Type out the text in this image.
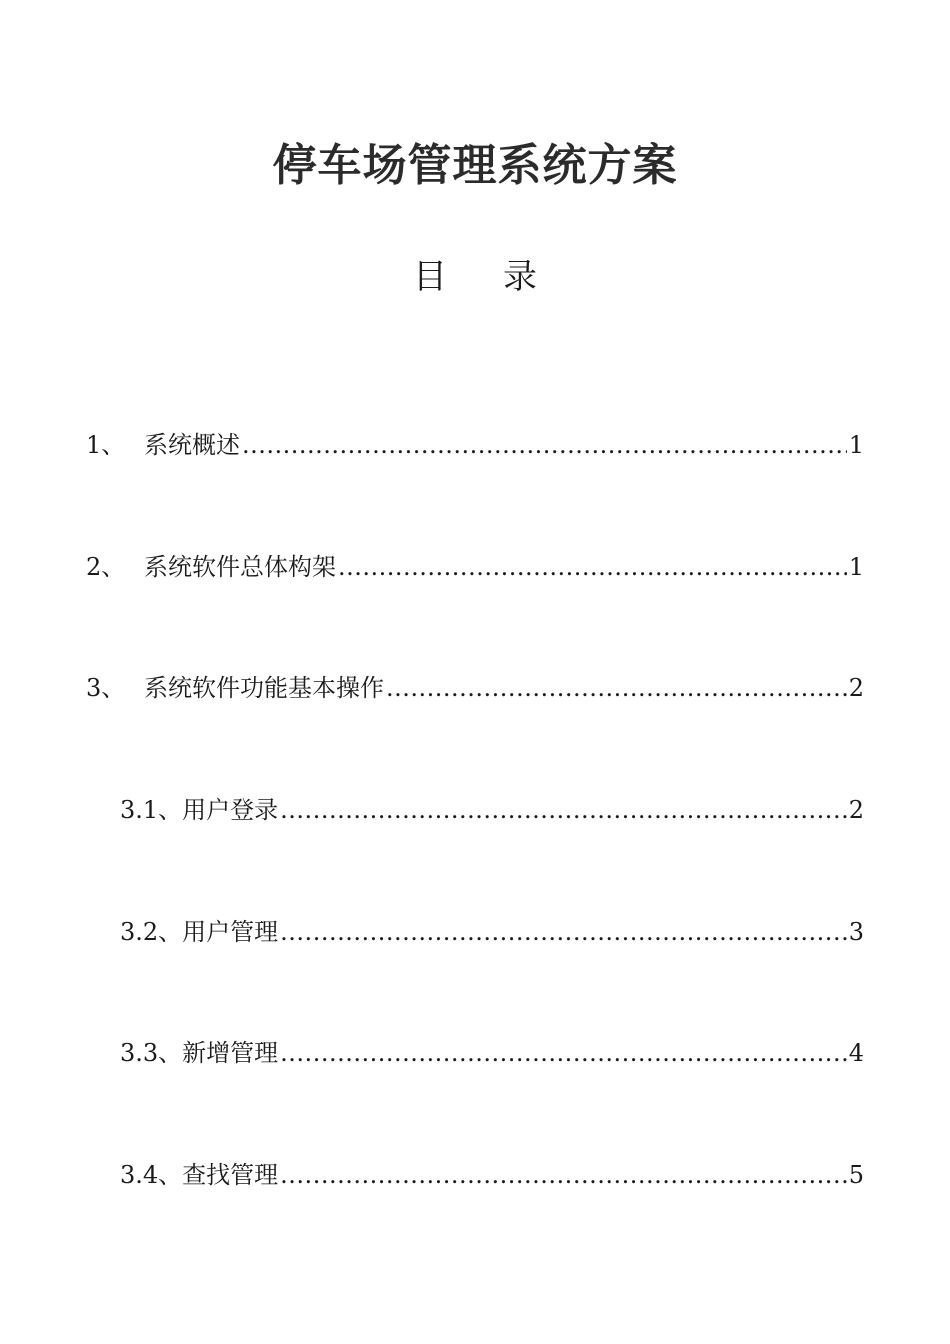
停车场管理系统方案
目 录
1、 系统概述 .....	1
2、 系统软件总体构架 .....	1
3、 系统软件功能基本操作 .....	2
3.1、 用户登录 .....	2
3.2、 用户管理 .....	3
3.3、 新增管理 .....	4
3.4、 查找管理 .....	5
